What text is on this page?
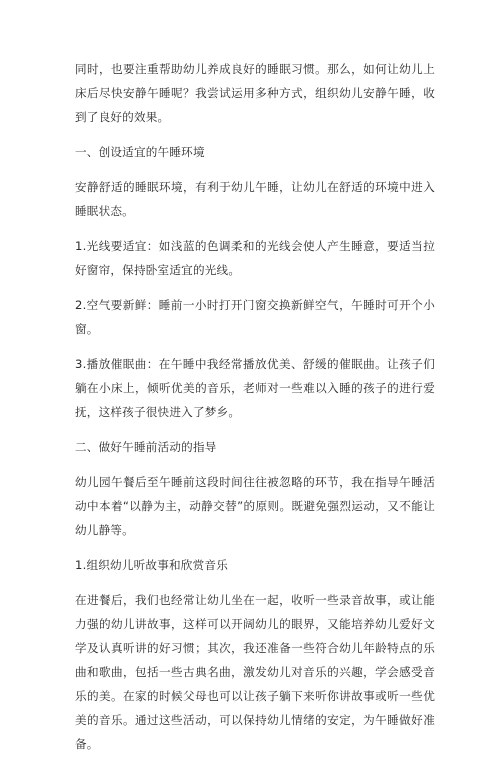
同时，也要注重帮助幼儿养成良好的睡眠习惯。那么，如何让幼儿上床后尽快安静午睡呢？我尝试运用多种方式，组织幼儿安静午睡，收到了良好的效果。

一、创设适宜的午睡环境

安静舒适的睡眠环境，有利于幼儿午睡，让幼儿在舒适的环境中进入睡眠状态。

1.光线要适宜：如浅蓝的色调柔和的光线会使人产生睡意，要适当拉好窗帘，保持卧室适宜的光线。

2.空气要新鲜：睡前一小时打开门窗交换新鲜空气，午睡时可开个小窗。

3.播放催眠曲：在午睡中我经常播放优美、舒缓的催眠曲。让孩子们躺在小床上，倾听优美的音乐，老师对一些难以入睡的孩子的进行爱抚，这样孩子很快进入了梦乡。

二、做好午睡前活动的指导

幼儿园午餐后至午睡前这段时间往往被忽略的环节，我在指导午睡活动中本着“以静为主，动静交替”的原则。既避免强烈运动，又不能让幼儿静等。

1.组织幼儿听故事和欣赏音乐

在进餐后，我们也经常让幼儿坐在一起，收听一些录音故事，或让能力强的幼儿讲故事，这样可以开阔幼儿的眼界，又能培养幼儿爱好文学及认真听讲的好习惯；其次，我还准备一些符合幼儿年龄特点的乐曲和歌曲，包括一些古典名曲，激发幼儿对音乐的兴趣，学会感受音乐的美。在家的时候父母也可以让孩子躺下来听你讲故事或听一些优美的音乐。通过这些活动，可以保持幼儿情绪的安定，为午睡做好准备。
